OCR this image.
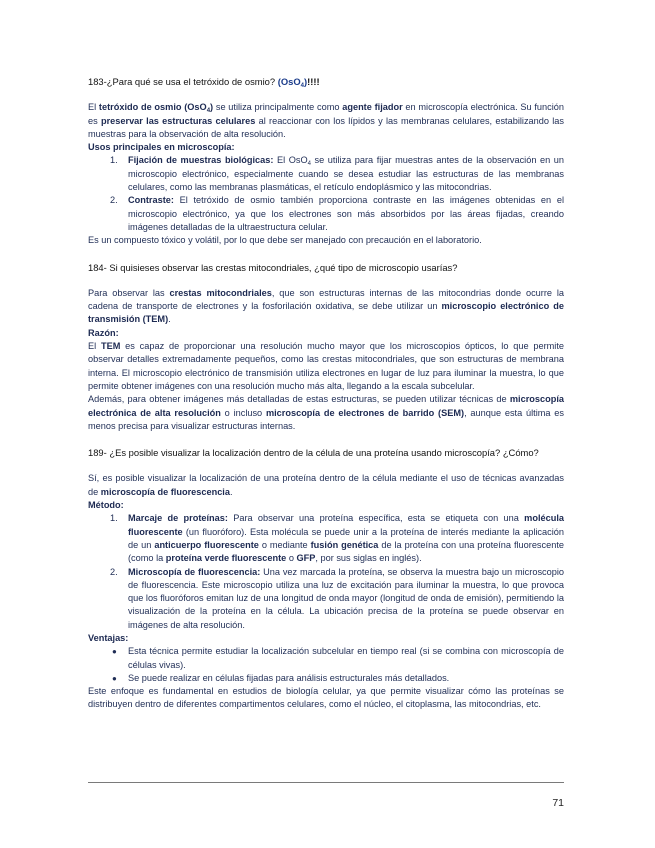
183-¿Para qué se usa el tetróxido de osmio? (OsO$_4$)!!!!

El tetróxido de osmio (OsO$_4$) se utiliza principalmente como agente fijador en microscopía electrónica. Su función es preservar las estructuras celulares al reaccionar con los lípidos y las membranas celulares, estabilizando las muestras para la observación de alta resolución.

Usos principales en microscopía:

1. Fijación de muestras biológicas: El OsO$_4$ se utiliza para fijar muestras antes de la observación en un microscopio electrónico, especialmente cuando se desea estudiar las estructuras de las membranas celulares, como las membranas plasmáticas, el retículo endoplásmico y las mitocondrias.
2. Contraste: El tetróxido de osmio también proporciona contraste en las imágenes obtenidas en el microscopio electrónico, ya que los electrones son más absorbidos por las áreas fijadas, creando imágenes detalladas de la ultraestructura celular.

Es un compuesto tóxico y volátil, por lo que debe ser manejado con precaución en el laboratorio.

184- Si quisieses observar las crestas mitocondriales, ¿qué tipo de microscopio usarías?

Para observar las crestas mitocondriales, que son estructuras internas de las mitocondrias donde ocurre la cadena de transporte de electrones y la fosforilación oxidativa, se debe utilizar un microscopio electrónico de transmisión (TEM).

Razón:

El TEM es capaz de proporcionar una resolución mucho mayor que los microscopios ópticos, lo que permite observar detalles extremadamente pequeños, como las crestas mitocondriales, que son estructuras de membrana interna. El microscopio electrónico de transmisión utiliza electrones en lugar de luz para iluminar la muestra, lo que permite obtener imágenes con una resolución mucho más alta, llegando a la escala subcelular.

Además, para obtener imágenes más detalladas de estas estructuras, se pueden utilizar técnicas de microscopía electrónica de alta resolución o incluso microscopía de electrones de barrido (SEM), aunque esta última es menos precisa para visualizar estructuras internas.

189- ¿Es posible visualizar la localización dentro de la célula de una proteína usando microscopía? ¿Cómo?

Sí, es posible visualizar la localización de una proteína dentro de la célula mediante el uso de técnicas avanzadas de microscopía de fluorescencia.

Método:

1. Marcaje de proteínas: Para observar una proteína específica, esta se etiqueta con una molécula fluorescente (un fluoróforo). Esta molécula se puede unir a la proteína de interés mediante la aplicación de un anticuerpo fluorescente o mediante fusión genética de la proteína con una proteína fluorescente (como la proteína verde fluorescente o GFP, por sus siglas en inglés).
2. Microscopía de fluorescencia: Una vez marcada la proteína, se observa la muestra bajo un microscopio de fluorescencia. Este microscopio utiliza una luz de excitación para iluminar la muestra, lo que provoca que los fluoróforos emitan luz de una longitud de onda mayor (longitud de onda de emisión), permitiendo la visualización de la proteína en la célula. La ubicación precisa de la proteína se puede observar en imágenes de alta resolución.

Ventajas:

● Esta técnica permite estudiar la localización subcelular en tiempo real (si se combina con microscopía de células vivas).
● Se puede realizar en células fijadas para análisis estructurales más detallados.

Este enfoque es fundamental en estudios de biología celular, ya que permite visualizar cómo las proteínas se distribuyen dentro de diferentes compartimentos celulares, como el núcleo, el citoplasma, las mitocondrias, etc.

71
